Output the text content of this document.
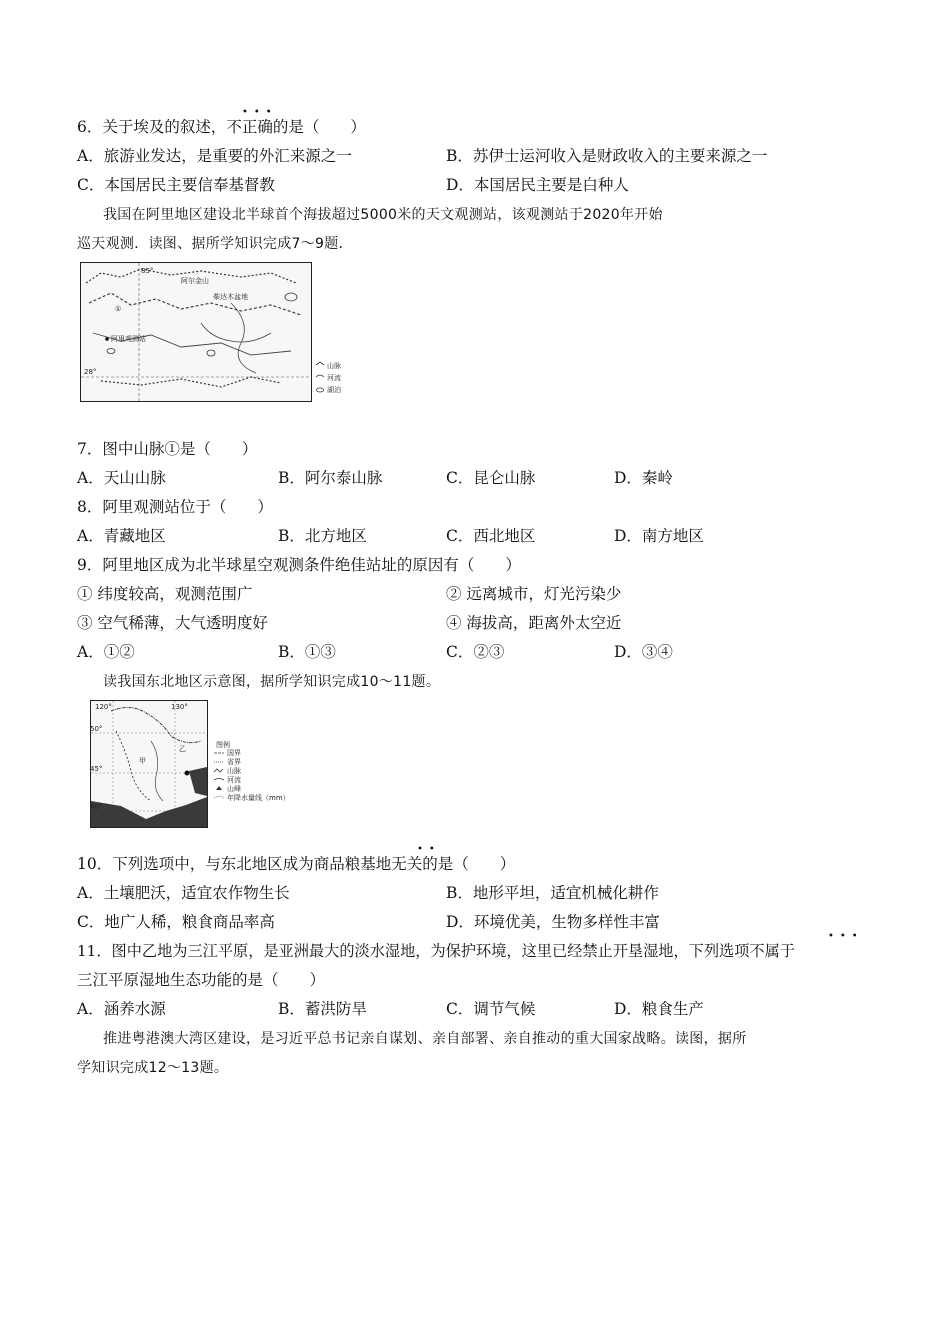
•••
6．关于埃及的叙述，不正确的是（　　）
A．旅游业发达，是重要的外汇来源之一	B．苏伊士运河收入是财政收入的主要来源之一
C．本国居民主要信奉基督教	D．本国居民主要是白种人
我国在阿里地区建设北半球首个海拔超过5000米的天文观测站，该观测站于2020年开始
巡天观测．读图、据所学知识完成7～9题．
85°
28°
柴达木盆地
阿尔金山
阿里观测站
①
山脉
河流
湖泊
7．图中山脉①是（　　）
A．天山山脉	B．阿尔泰山脉	C．昆仑山脉	D．秦岭
8．阿里观测站位于（　　）
A．青藏地区	B．北方地区	C．西北地区	D．南方地区
9．阿里地区成为北半球星空观测条件绝佳站址的原因有（　　）
① 纬度较高，观测范围广	② 远离城市，灯光污染少
③ 空气稀薄，大气透明度好	④ 海拔高，距离外太空近
A．①②	B．①③	C．②③	D．③④
读我国东北地区示意图，据所学知识完成10～11题。
120°	130°
50°
45°
40°
甲
乙	图例
国界
省界
山脉
河流
山峰
年降水量线（mm）
••
10．下列选项中，与东北地区成为商品粮基地无关的是（　　）
A．土壤肥沃，适宜农作物生长	B．地形平坦，适宜机械化耕作
C．地广人稀，粮食商品率高	D．环境优美，生物多样性丰富
•••
11．图中乙地为三江平原，是亚洲最大的淡水湿地，为保护环境，这里已经禁止开垦湿地，下列选项不属于
三江平原湿地生态功能的是（　　）
A．涵养水源	B．蓄洪防旱	C．调节气候	D．粮食生产
推进粤港澳大湾区建设，是习近平总书记亲自谋划、亲自部署、亲自推动的重大国家战略。读图，据所
学知识完成12～13题。
